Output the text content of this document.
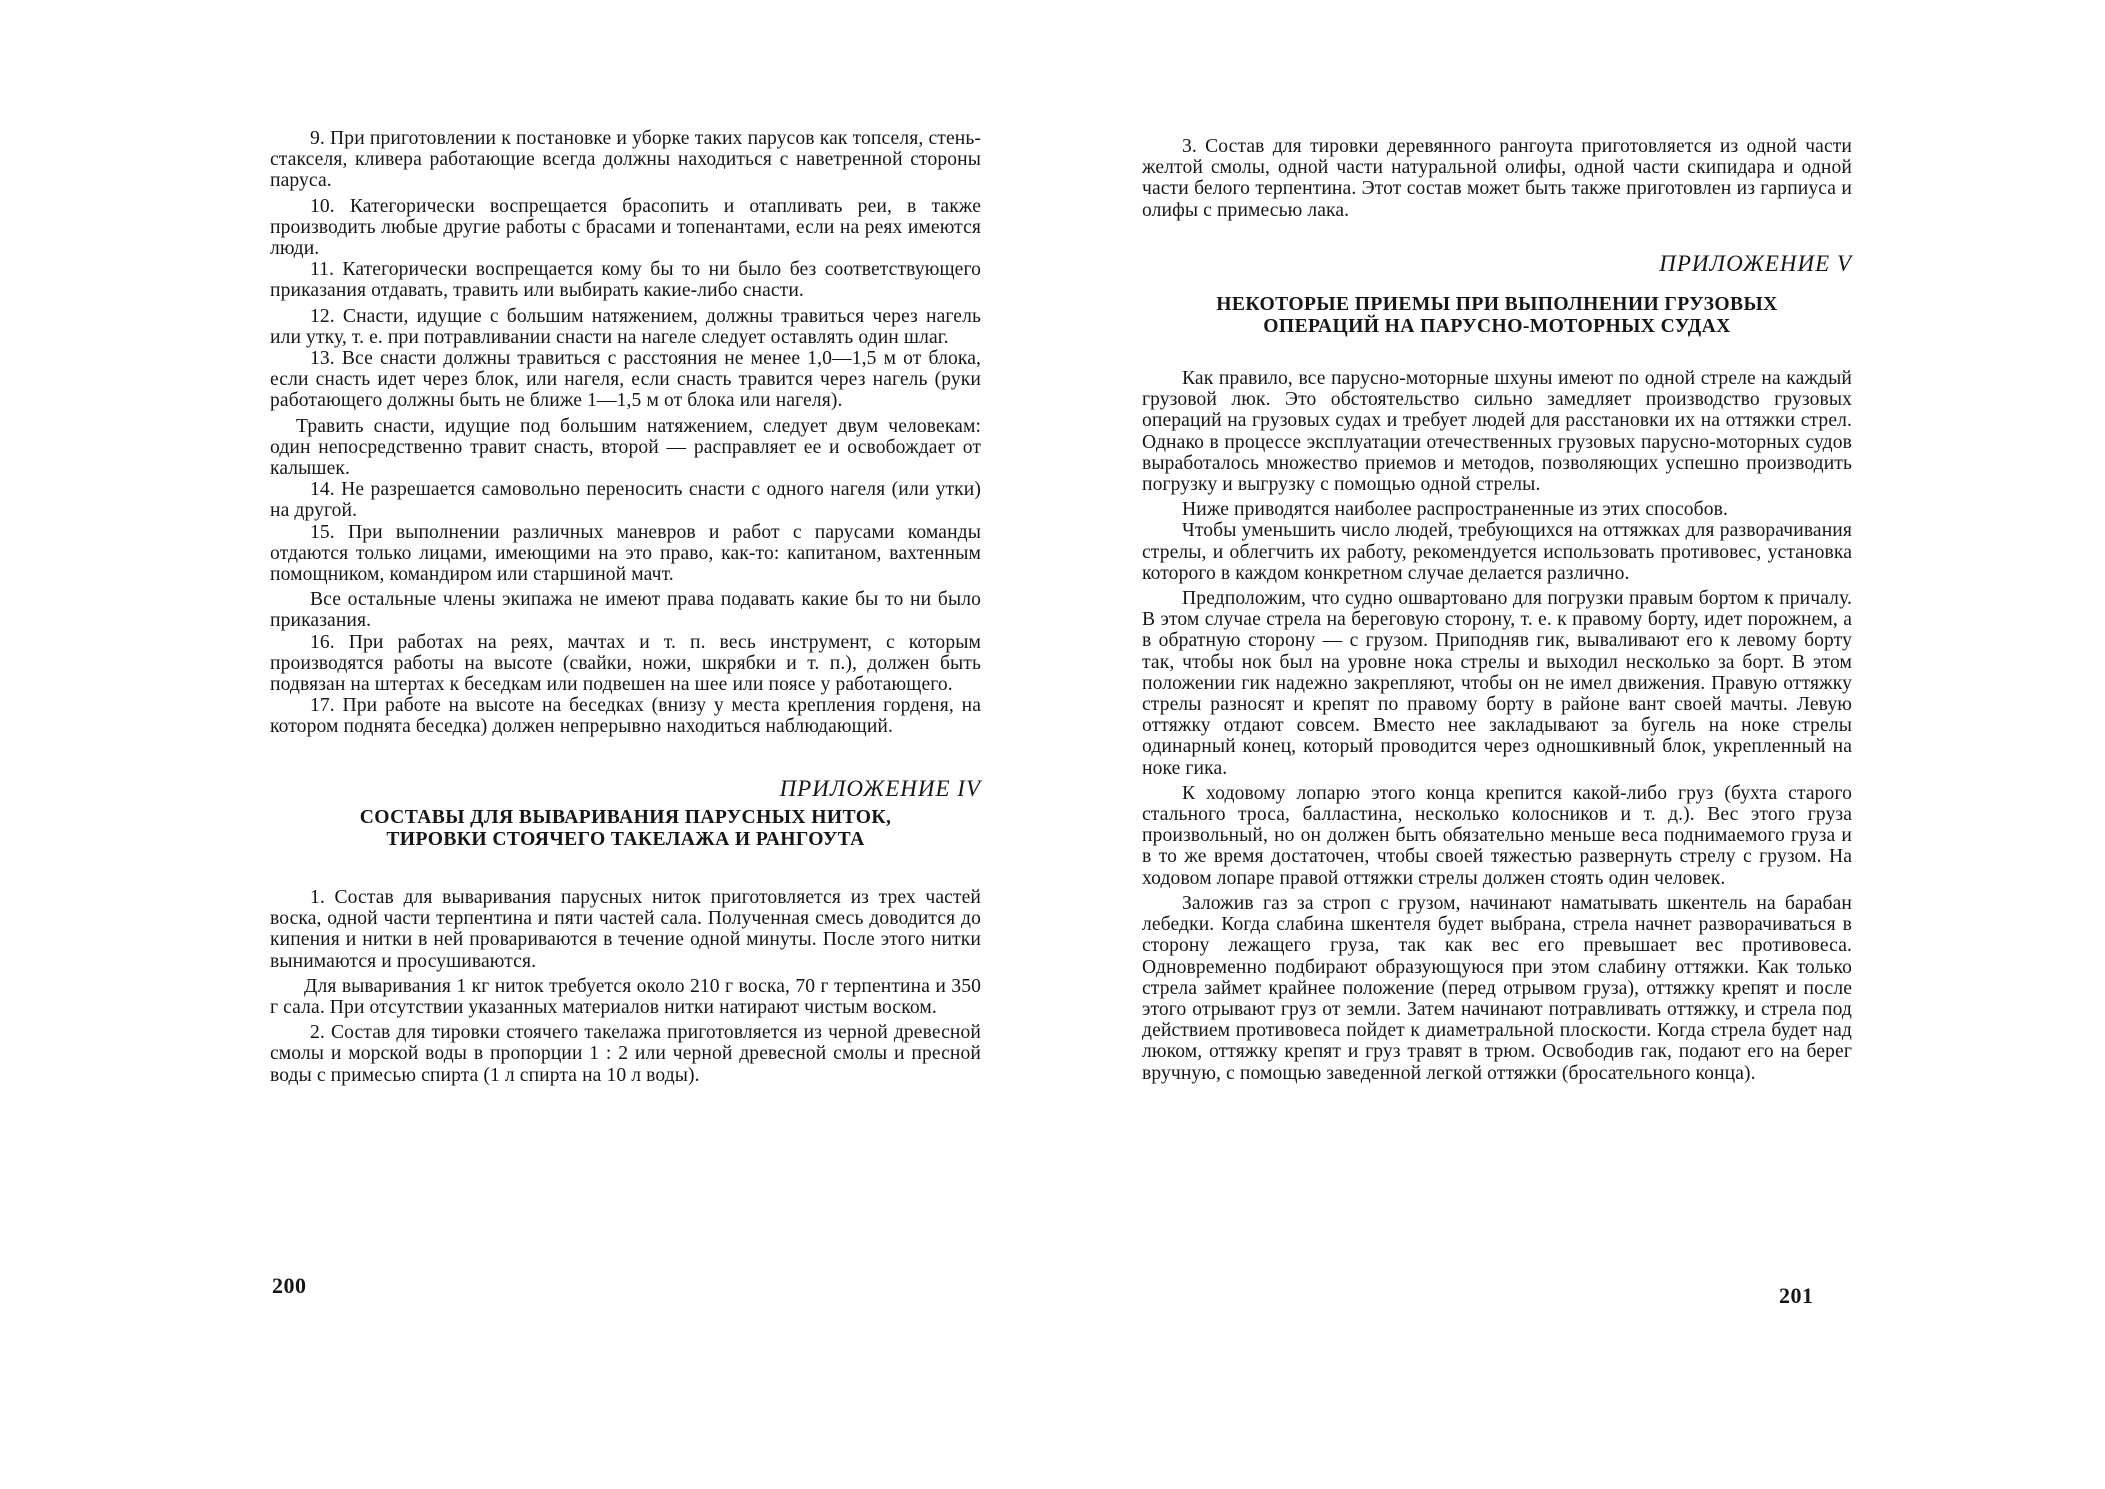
9. При приготовлении к постановке и уборке таких парусов как топселя, стень-стакселя, кливера работающие всегда должны находиться с наветренной стороны паруса.

10. Категорически воспрещается брасопить и отапливать реи, в также производить любые другие работы с брасами и топенантами, если на реях имеются люди.

11. Категорически воспрещается кому бы то ни было без соответствующего приказания отдавать, травить или выбирать какие-либо снасти.

12. Снасти, идущие с большим натяжением, должны травиться через нагель или утку, т. е. при потравливании снасти на нагеле следует оставлять один шлаг.

13. Все снасти должны травиться с расстояния не менее 1,0—1,5 м от блока, если снасть идет через блок, или нагеля, если снасть травится через нагель (руки работающего должны быть не ближе 1—1,5 м от блока или нагеля).

Травить снасти, идущие под большим натяжением, следует двум человекам: один непосредственно травит снасть, второй — расправляет ее и освобождает от калышек.

14. Не разрешается самовольно переносить снасти с одного нагеля (или утки) на другой.

15. При выполнении различных маневров и работ с парусами команды отдаются только лицами, имеющими на это право, как-то: капитаном, вахтенным помощником, командиром или старшиной мачт.

Все остальные члены экипажа не имеют права подавать какие бы то ни было приказания.

16. При работах на реях, мачтах и т. п. весь инструмент, с которым производятся работы на высоте (свайки, ножи, шкрябки и т. п.), должен быть подвязан на штертах к беседкам или подвешен на шее или поясе у работающего.

17. При работе на высоте на беседках (внизу у места крепления горденя, на котором поднята беседка) должен непрерывно находиться наблюдающий.

ПРИЛОЖЕНИЕ IV

СОСТАВЫ ДЛЯ ВЫВАРИВАНИЯ ПАРУСНЫХ НИТОК,

ТИРОВКИ СТОЯЧЕГО ТАКЕЛАЖА И РАНГОУТА

1. Состав для вываривания парусных ниток приготовляется из трех частей воска, одной части терпентина и пяти частей сала. Полученная смесь доводится до кипения и нитки в ней провариваются в течение одной минуты. После этого нитки вынимаются и просушиваются.

Для вываривания 1 кг ниток требуется около 210 г воска, 70 г терпентина и 350 г сала. При отсутствии указанных материалов нитки натирают чистым воском.

2. Состав для тировки стоячего такелажа приготовляется из черной древесной смолы и морской воды в пропорции 1 : 2 или черной древесной смолы и пресной воды с примесью спирта (1 л спирта на 10 л воды).

200

3. Состав для тировки деревянного рангоута приготовляется из одной части желтой смолы, одной части натуральной олифы, одной части скипидара и одной части белого терпентина. Этот состав может быть также приготовлен из гарпиуса и олифы с примесью лака.

ПРИЛОЖЕНИЕ V

НЕКОТОРЫЕ ПРИЕМЫ ПРИ ВЫПОЛНЕНИИ ГРУЗОВЫХ

ОПЕРАЦИЙ НА ПАРУСНО-МОТОРНЫХ СУДАХ

Как правило, все парусно-моторные шхуны имеют по одной стреле на каждый грузовой люк. Это обстоятельство сильно замедляет производство грузовых операций на грузовых судах и требует людей для расстановки их на оттяжки стрел. Однако в процессе эксплуатации отечественных грузовых парусно-моторных судов выработалось множество приемов и методов, позволяющих успешно производить погрузку и выгрузку с помощью одной стрелы.

Ниже приводятся наиболее распространенные из этих способов.

Чтобы уменьшить число людей, требующихся на оттяжках для разворачивания стрелы, и облегчить их работу, рекомендуется использовать противовес, установка которого в каждом конкретном случае делается различно.

Предположим, что судно ошвартовано для погрузки правым бортом к причалу. В этом случае стрела на береговую сторону, т. е. к правому борту, идет порожнем, а в обратную сторону — с грузом. Приподняв гик, вываливают его к левому борту так, чтобы нок был на уровне нока стрелы и выходил несколько за борт. В этом положении гик надежно закрепляют, чтобы он не имел движения. Правую оттяжку стрелы разносят и крепят по правому борту в районе вант своей мачты. Левую оттяжку отдают совсем. Вместо нее закладывают за бугель на ноке стрелы одинарный конец, который проводится через одношкивный блок, укрепленный на ноке гика.

К ходовому лопарю этого конца крепится какой-либо груз (бухта старого стального троса, балластина, несколько колосников и т. д.). Вес этого груза произвольный, но он должен быть обязательно меньше веса поднимаемого груза и в то же время достаточен, чтобы своей тяжестью развернуть стрелу с грузом. На ходовом лопаре правой оттяжки стрелы должен стоять один человек.

Заложив газ за строп с грузом, начинают наматывать шкентель на барабан лебедки. Когда слабина шкентеля будет выбрана, стрела начнет разворачиваться в сторону лежащего груза, так как вес его превышает вес противовеса. Одновременно подбирают образующуюся при этом слабину оттяжки. Как только стрела займет крайнее положение (перед отрывом груза), оттяжку крепят и после этого отрывают груз от земли. Затем начинают потравливать оттяжку, и стрела под действием противовеса пойдет к диаметральной плоскости. Когда стрела будет над люком, оттяжку крепят и груз травят в трюм. Освободив гак, подают его на берег вручную, с помощью заведенной легкой оттяжки (бросательного конца).

201
